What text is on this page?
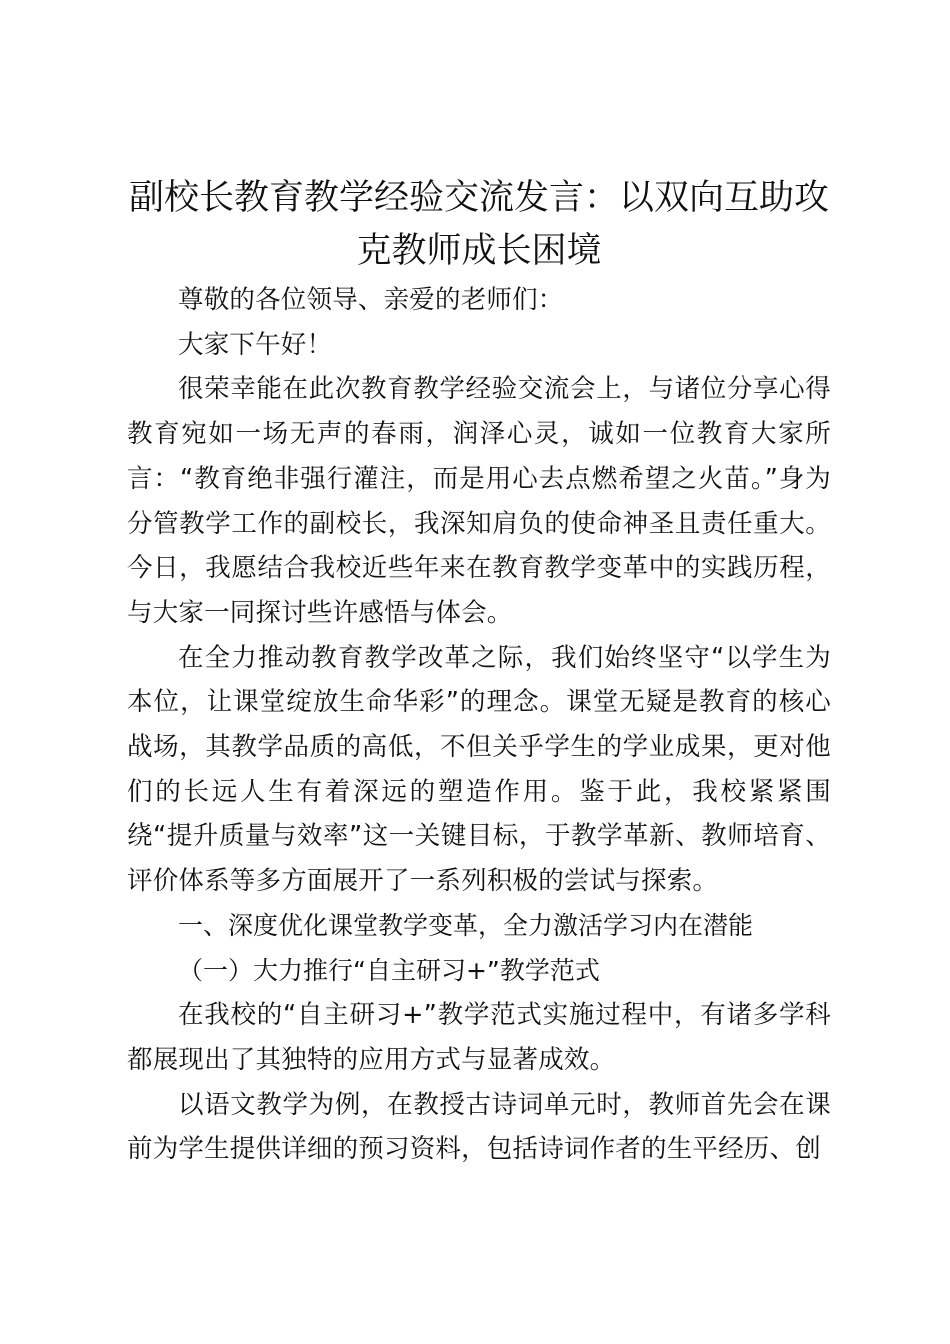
副校长教育教学经验交流发言：以双向互助攻克教师成长困境

尊敬的各位领导、亲爱的老师们：

大家下午好！

很荣幸能在此次教育教学经验交流会上，与诸位分享心得教育宛如一场无声的春雨，润泽心灵，诚如一位教育大家所言：“教育绝非强行灌注，而是用心去点燃希望之火苗。”身为分管教学工作的副校长，我深知肩负的使命神圣且责任重大。今日，我愿结合我校近些年来在教育教学变革中的实践历程，与大家一同探讨些许感悟与体会。

在全力推动教育教学改革之际，我们始终坚守“以学生为本位，让课堂绽放生命华彩”的理念。课堂无疑是教育的核心战场，其教学品质的高低，不但关乎学生的学业成果，更对他们的长远人生有着深远的塑造作用。鉴于此，我校紧紧围绕“提升质量与效率”这一关键目标，于教学革新、教师培育、评价体系等多方面展开了一系列积极的尝试与探索。

一、深度优化课堂教学变革，全力激活学习内在潜能

（一）大力推行“自主研习+”教学范式

在我校的“自主研习+”教学范式实施过程中，有诸多学科都展现出了其独特的应用方式与显著成效。

以语文教学为例，在教授古诗词单元时，教师首先会在课前为学生提供详细的预习资料，包括诗词作者的生平经历、创
